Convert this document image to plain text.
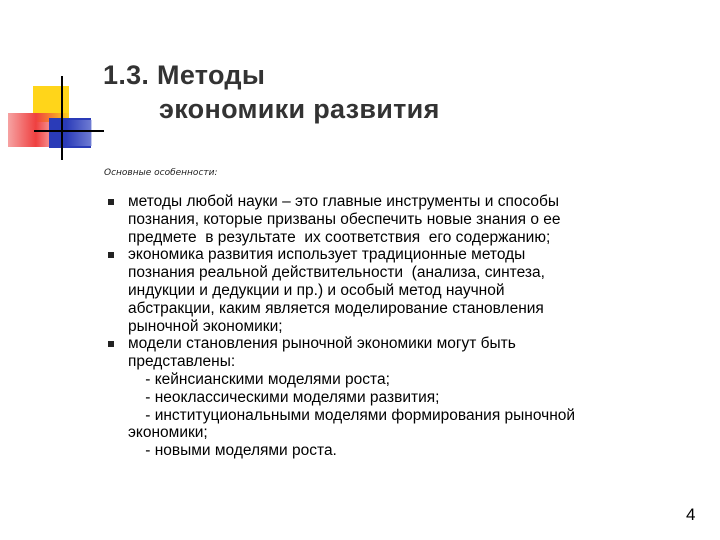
1.3. Методы
экономики развития
Основные особенности:
методы любой науки – это главные инструменты и способы
познания, которые призваны обеспечить новые знания о ее
предмете  в результате  их соответствия  его содержанию;
экономика развития использует традиционные методы
познания реальной действительности  (анализа, синтеза,
индукции и дедукции и пр.) и особый метод научной
абстракции, каким является моделирование становления
рыночной экономики;
модели становления рыночной экономики могут быть
представлены:
- кейнсианскими моделями роста;
- неоклассическими моделями развития;
- институциональными моделями формирования рыночной
экономики;
- новыми моделями роста.
4
